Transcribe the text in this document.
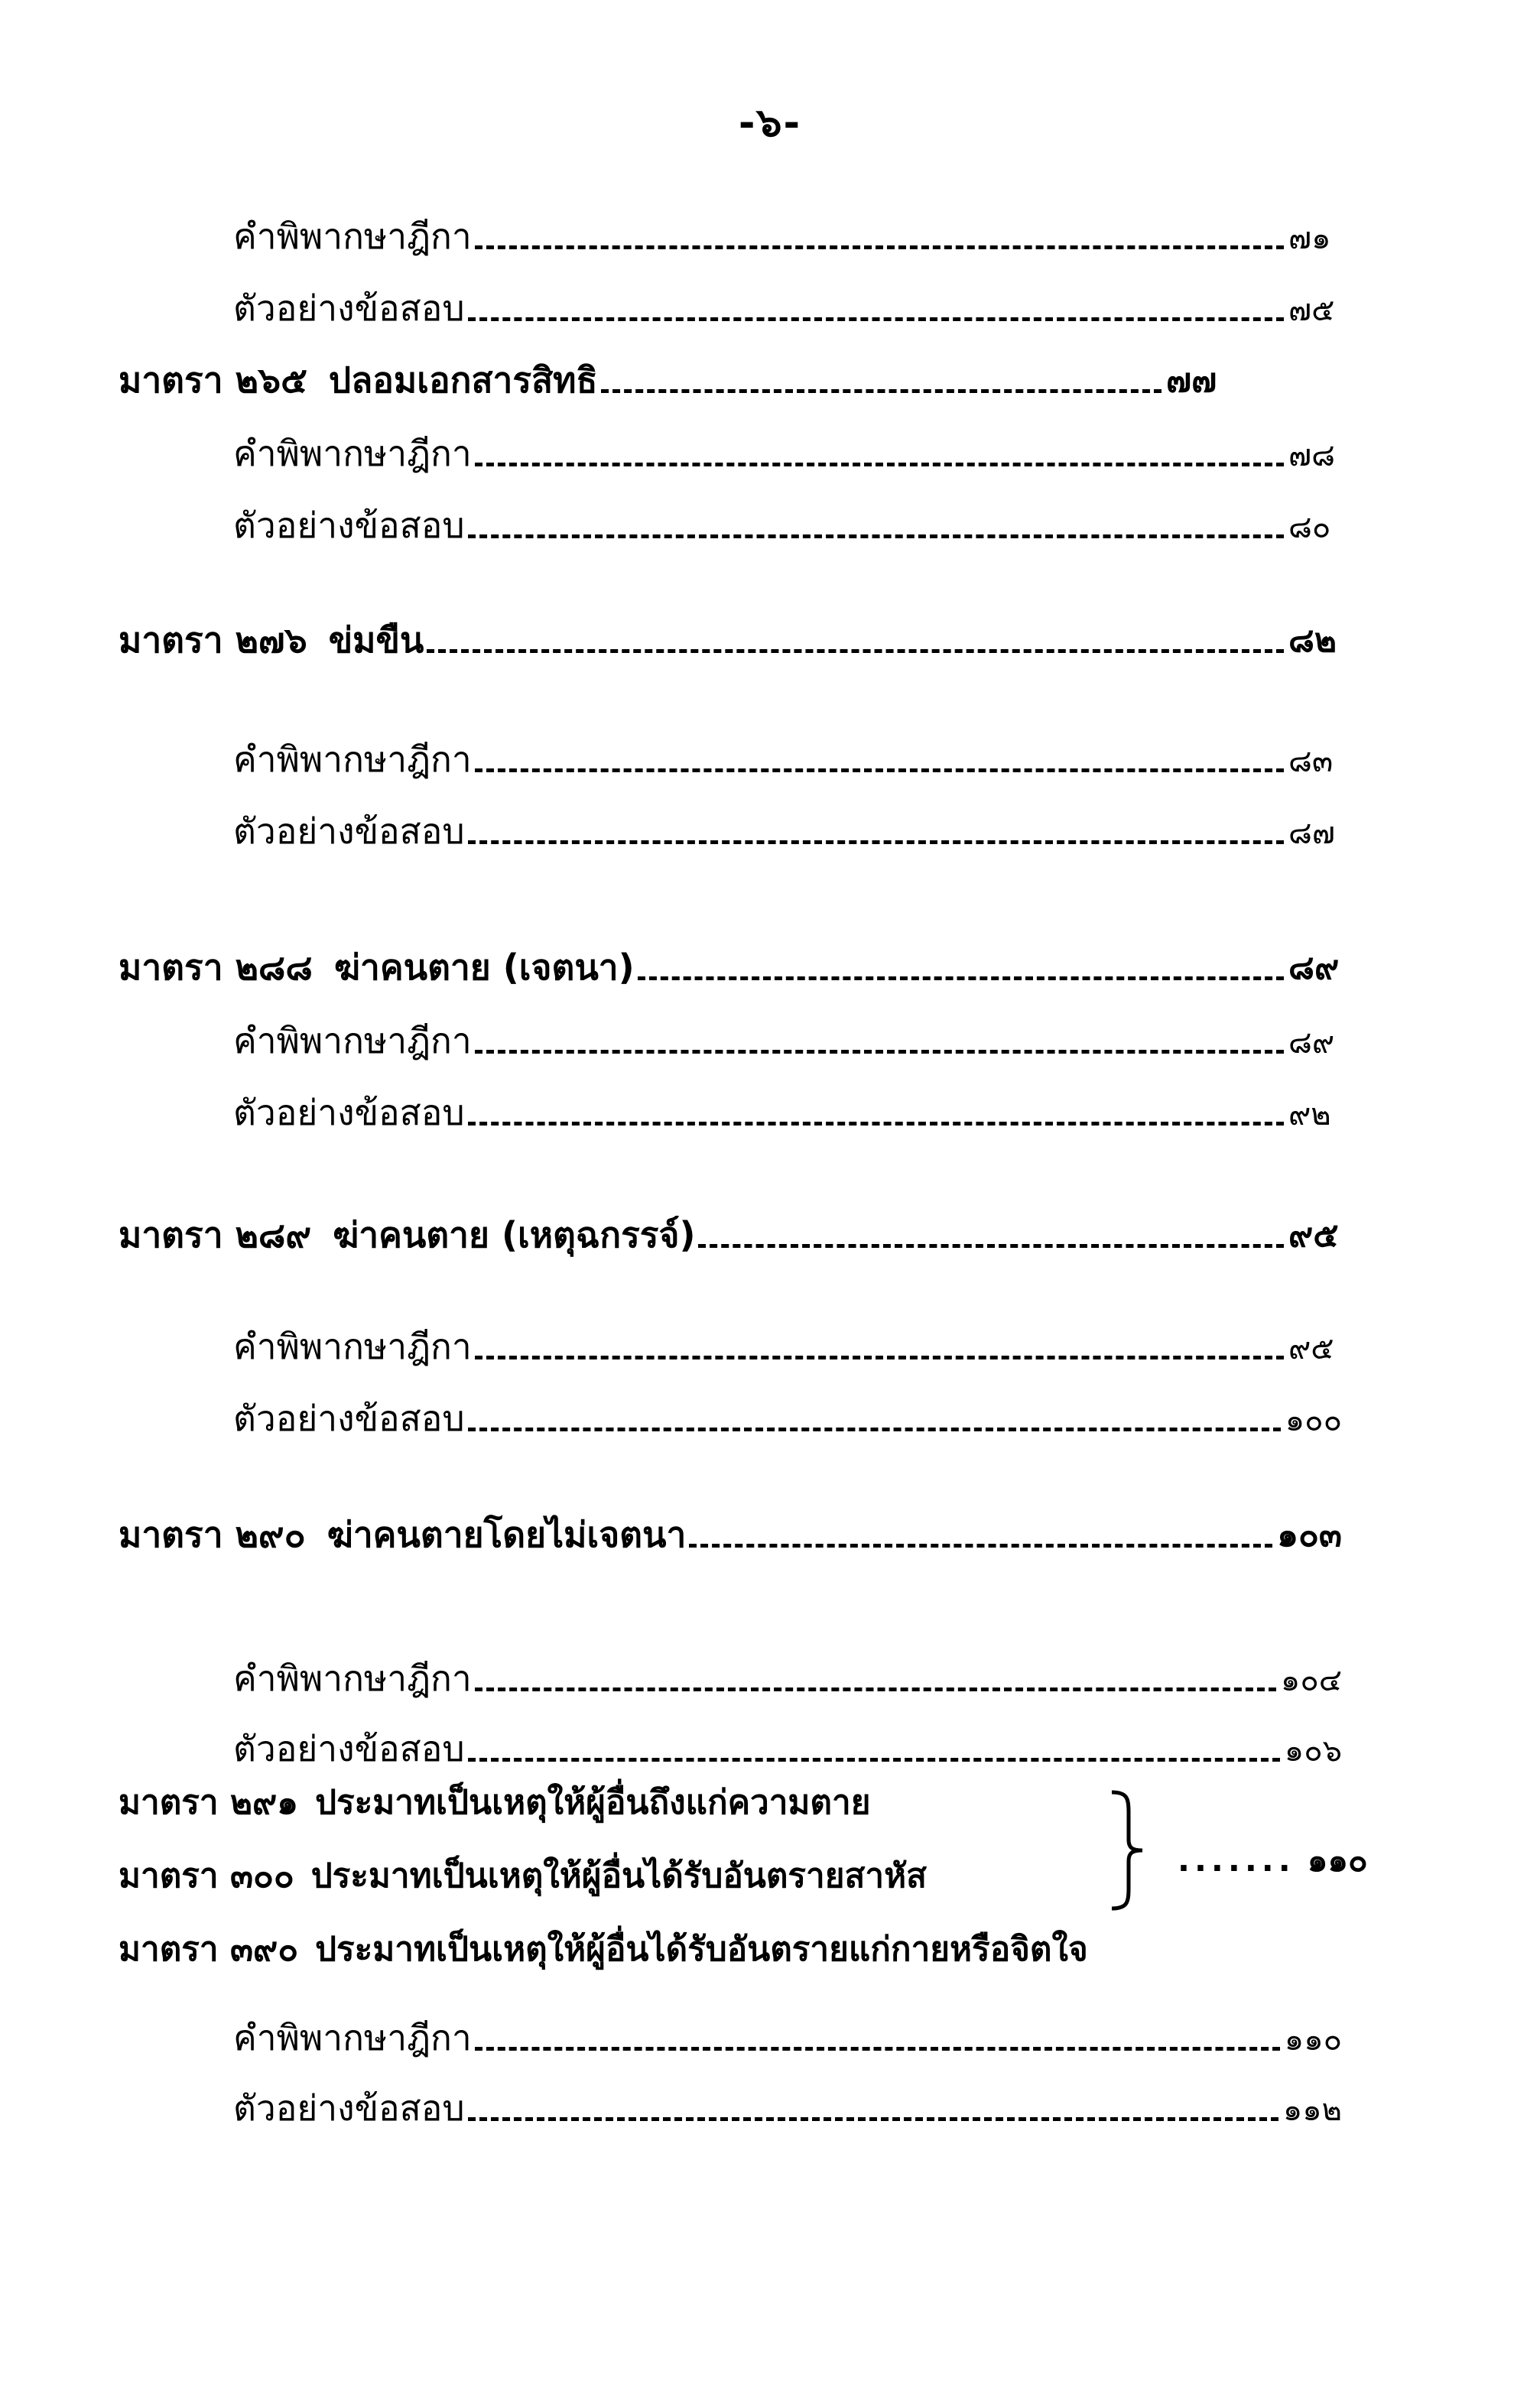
-๖-
คำพิพากษาฎีกา	๗๑
ตัวอย่างข้อสอบ	๗๕
มาตรา ๒๖๕ ปลอมเอกสารสิทธิ	๗๗
คำพิพากษาฎีกา	๗๘
ตัวอย่างข้อสอบ	๘๐
มาตรา ๒๗๖ ข่มขืน	๘๒
คำพิพากษาฎีกา	๘๓
ตัวอย่างข้อสอบ	๘๗
มาตรา ๒๘๘ ฆ่าคนตาย (เจตนา)	๘๙
คำพิพากษาฎีกา	๘๙
ตัวอย่างข้อสอบ	๙๒
มาตรา ๒๘๙ ฆ่าคนตาย (เหตุฉกรรจ์)	๙๕
คำพิพากษาฎีกา	๙๕
ตัวอย่างข้อสอบ	๑๐๐
มาตรา ๒๙๐ ฆ่าคนตายโดยไม่เจตนา	๑๐๓
คำพิพากษาฎีกา	๑๐๔
ตัวอย่างข้อสอบ	๑๐๖
มาตรา ๒๙๑ ประมาทเป็นเหตุให้ผู้อื่นถึงแก่ความตาย
มาตรา ๓๐๐ ประมาทเป็นเหตุให้ผู้อื่นได้รับอันตรายสาหัส	....... ๑๑๐
มาตรา ๓๙๐ ประมาทเป็นเหตุให้ผู้อื่นได้รับอันตรายแก่กายหรือจิตใจ
คำพิพากษาฎีกา	๑๑๐
ตัวอย่างข้อสอบ	๑๑๒
